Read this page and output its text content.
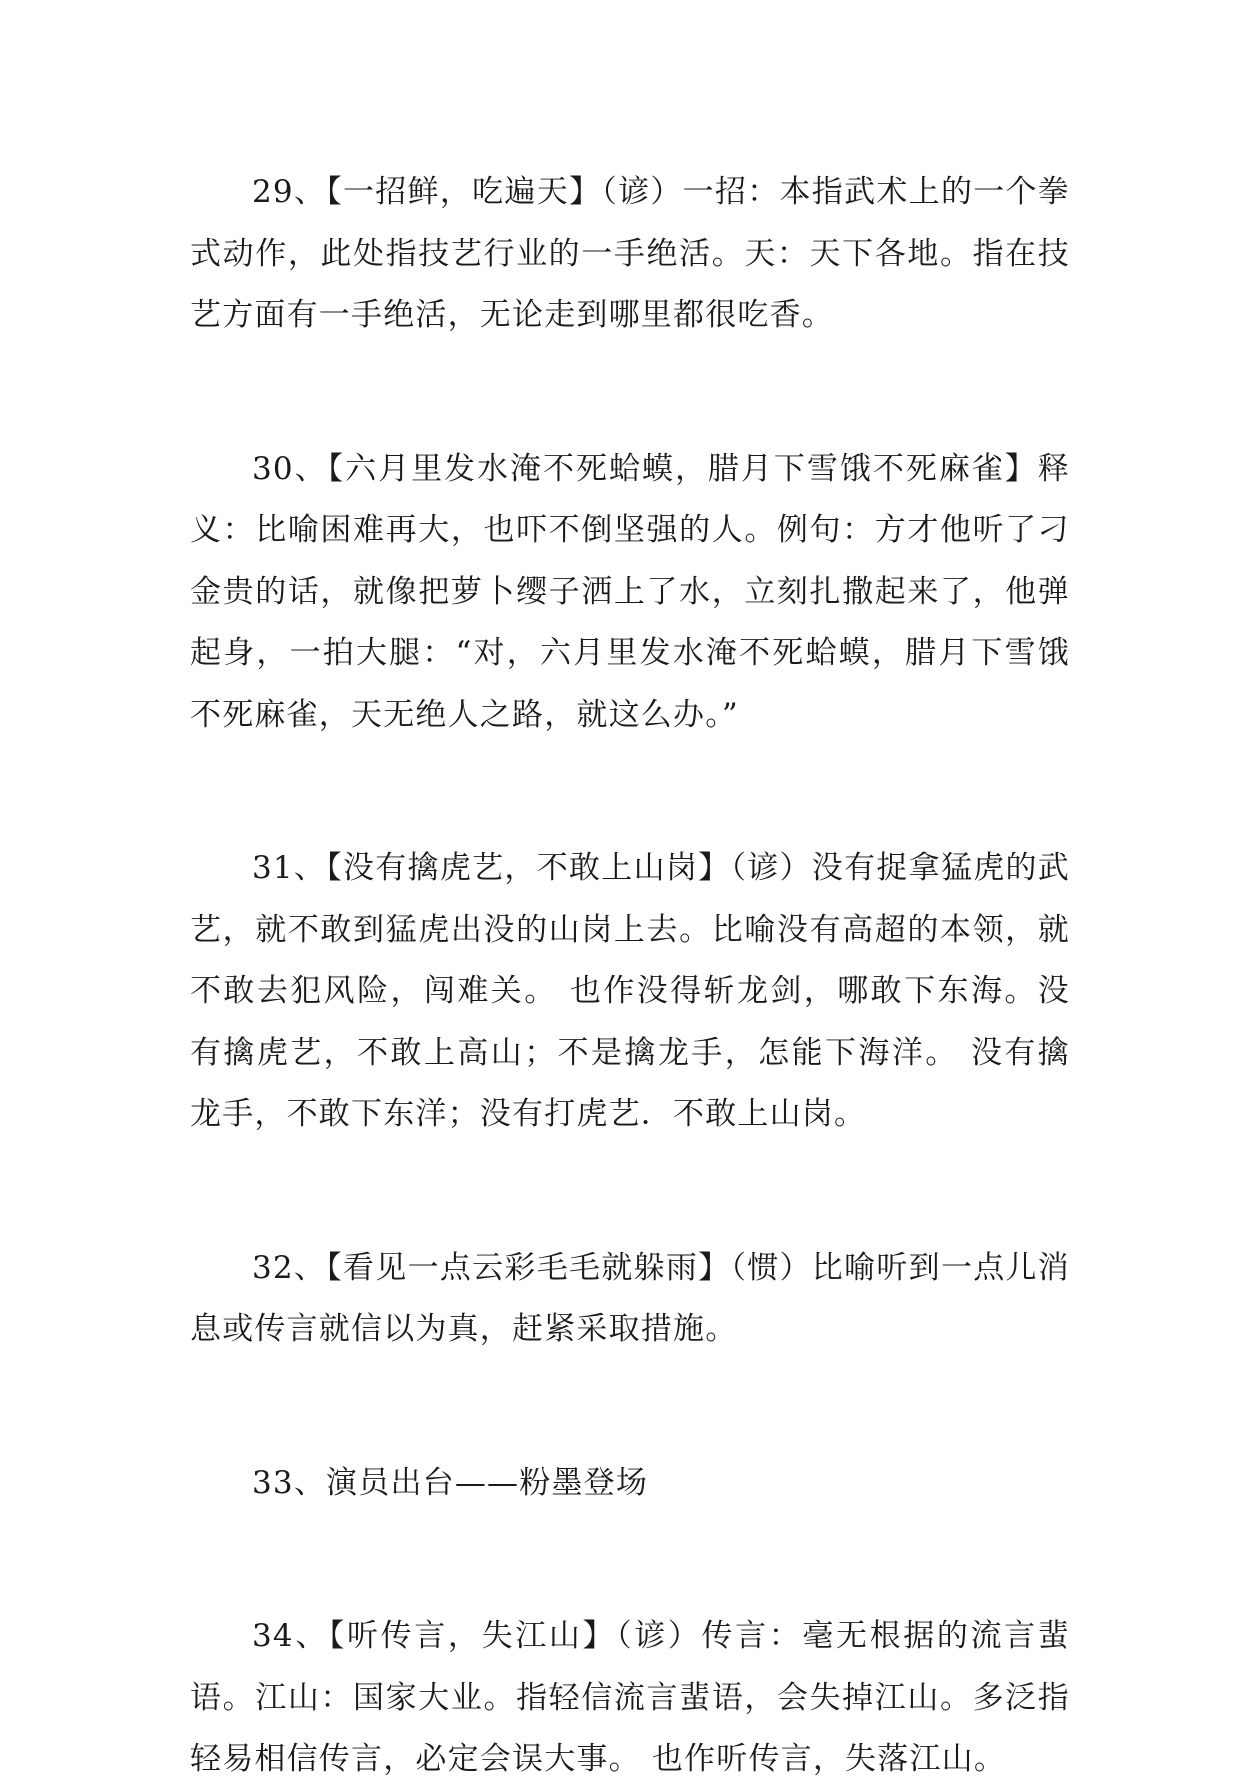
29、【一招鲜，吃遍天】（谚）一招：本指武术上的一个拳式动作，此处指技艺行业的一手绝活。天：天下各地。指在技艺方面有一手绝活，无论走到哪里都很吃香。

30、【六月里发水淹不死蛤蟆，腊月下雪饿不死麻雀】释义：比喻困难再大，也吓不倒坚强的人。例句：方才他听了刁金贵的话，就像把萝卜缨子洒上了水，立刻扎撒起来了，他弹起身，一拍大腿：“对，六月里发水淹不死蛤蟆，腊月下雪饿不死麻雀，天无绝人之路，就这么办。”

31、【没有擒虎艺，不敢上山岗】（谚）没有捉拿猛虎的武艺，就不敢到猛虎出没的山岗上去。比喻没有高超的本领，就不敢去犯风险，闯难关。 也作没得斩龙剑，哪敢下东海。没有擒虎艺，不敢上高山；不是擒龙手，怎能下海洋。 没有擒龙手，不敢下东洋；没有打虎艺．不敢上山岗。

32、【看见一点云彩毛毛就躲雨】（惯）比喻听到一点儿消息或传言就信以为真，赶紧采取措施。

33、演员出台——粉墨登场

34、【听传言，失江山】（谚）传言：毫无根据的流言蜚语。江山：国家大业。指轻信流言蜚语，会失掉江山。多泛指轻易相信传言，必定会误大事。 也作听传言，失落江山。
